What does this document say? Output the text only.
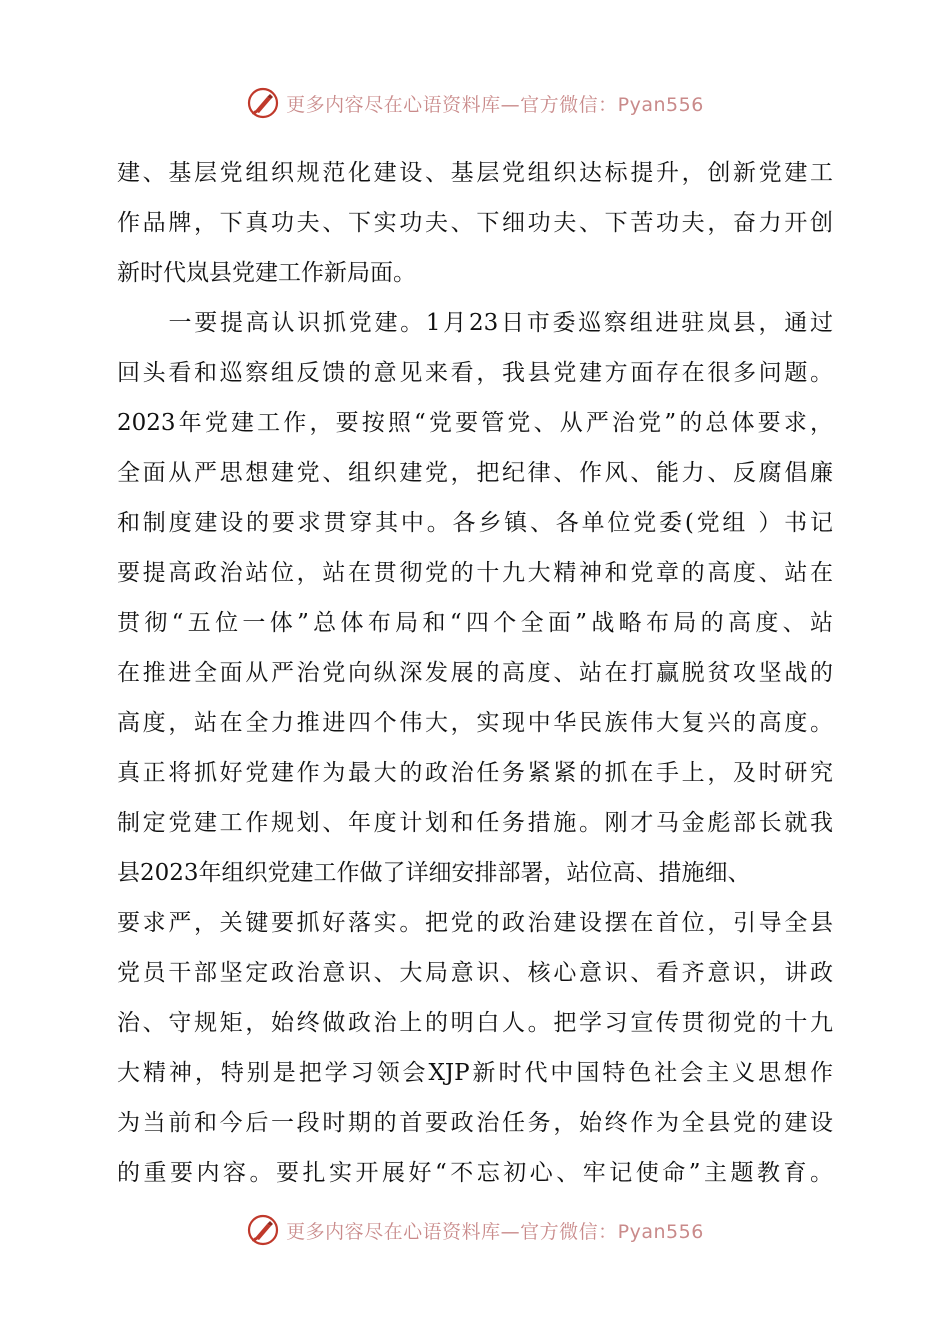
更多内容尽在心语资料库—官方微信：Pyan556
建、基层党组织规范化建设、基层党组织达标提升，创新党建工
作品牌，下真功夫、下实功夫、下细功夫、下苦功夫，奋力开创
新时代岚县党建工作新局面。
　　一要提高认识抓党建。1月23日市委巡察组进驻岚县，通过
回头看和巡察组反馈的意见来看，我县党建方面存在很多问题。
2023年党建工作，要按照“党要管党、从严治党”的总体要求，
全面从严思想建党、组织建党，把纪律、作风、能力、反腐倡廉
和制度建设的要求贯穿其中。各乡镇、各单位党委(党组 ）书记
要提高政治站位，站在贯彻党的十九大精神和党章的高度、站在
贯彻“五位一体”总体布局和“四个全面”战略布局的高度、站
在推进全面从严治党向纵深发展的高度、站在打赢脱贫攻坚战的
高度，站在全力推进四个伟大，实现中华民族伟大复兴的高度。
真正将抓好党建作为最大的政治任务紧紧的抓在手上，及时研究
制定党建工作规划、年度计划和任务措施。刚才马金彪部长就我
县2023年组织党建工作做了详细安排部署，站位高、措施细、
要求严，关键要抓好落实。把党的政治建设摆在首位，引导全县
党员干部坚定政治意识、大局意识、核心意识、看齐意识，讲政
治、守规矩，始终做政治上的明白人。把学习宣传贯彻党的十九
大精神，特别是把学习领会XJP新时代中国特色社会主义思想作
为当前和今后一段时期的首要政治任务，始终作为全县党的建设
的重要内容。要扎实开展好“不忘初心、牢记使命”主题教育。
更多内容尽在心语资料库—官方微信：Pyan556
